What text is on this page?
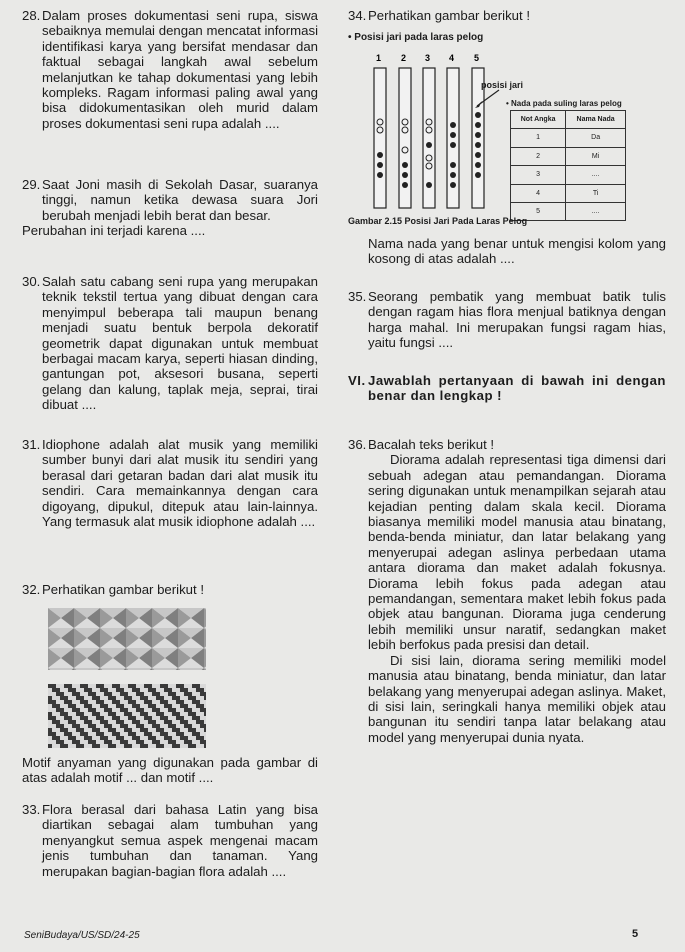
28. Dalam proses dokumentasi seni rupa, siswa sebaiknya memulai dengan mencatat informasi identifikasi karya yang bersifat mendasar dan faktual sebagai langkah awal sebelum melanjutkan ke tahap dokumentasi yang lebih kompleks. Ragam informasi paling awal yang bisa didokumentasikan oleh murid dalam proses dokumentasi seni rupa adalah ....

29. Saat Joni masih di Sekolah Dasar, suaranya tinggi, namun ketika dewasa suara Jori berubah menjadi lebih berat dan besar.

Perubahan ini terjadi karena ....

30. Salah satu cabang seni rupa yang merupakan teknik tekstil tertua yang dibuat dengan cara menyimpul beberapa tali maupun benang menjadi suatu bentuk berpola dekoratif geometrik dapat digunakan untuk membuat berbagai macam karya, seperti hiasan dinding, gantungan pot, aksesori busana, seperti gelang dan kalung, taplak meja, seprai, tirai dibuat ....

31. Idiophone adalah alat musik yang memiliki sumber bunyi dari alat musik itu sendiri yang berasal dari getaran badan dari alat musik itu sendiri. Cara memainkannya dengan cara digoyang, dipukul, ditepuk atau lain-lainnya. Yang termasuk alat musik idiophone adalah ....

32. Perhatikan gambar berikut !

Motif anyaman yang digunakan pada gambar di atas adalah motif ... dan motif ....

33. Flora berasal dari bahasa Latin yang bisa diartikan sebagai alam tumbuhan yang menyangkut semua aspek mengenai macam jenis tumbuhan dan tanaman. Yang merupakan bagian-bagian flora adalah ....

34. Perhatikan gambar berikut !

• Posisi jari pada laras pelog
1 2 3 4 5
posisi jari
• Nada pada suling laras pelog
Not Angka	Nama Nada
1	Da
2	Mi
3	....
4	Ti
5	....
Gambar 2.15 Posisi Jari Pada Laras Pelog

Nama nada yang benar untuk mengisi kolom yang kosong di atas adalah ....

35. Seorang pembatik yang membuat batik tulis dengan ragam hias flora menjual batiknya dengan harga mahal. Ini merupakan fungsi ragam hias, yaitu fungsi ....

VI. Jawablah pertanyaan di bawah ini dengan benar dan lengkap !

36. Bacalah teks berikut !

Diorama adalah representasi tiga dimensi dari sebuah adegan atau pemandangan. Diorama sering digunakan untuk menampilkan sejarah atau kejadian penting dalam skala kecil. Diorama biasanya memiliki model manusia atau binatang, benda-benda miniatur, dan latar belakang yang menyerupai adegan aslinya perbedaan utama antara diorama dan maket adalah fokusnya. Diorama lebih fokus pada adegan atau pemandangan, sementara maket lebih fokus pada objek atau bangunan. Diorama juga cenderung lebih memiliki unsur naratif, sedangkan maket lebih berfokus pada presisi dan detail.

Di sisi lain, diorama sering memiliki model manusia atau binatang, benda miniatur, dan latar belakang yang menyerupai adegan aslinya. Maket, di sisi lain, seringkali hanya memiliki objek atau bangunan itu sendiri tanpa latar belakang atau model yang menyerupai dunia nyata.

SeniBudaya/US/SD/24-25	5
